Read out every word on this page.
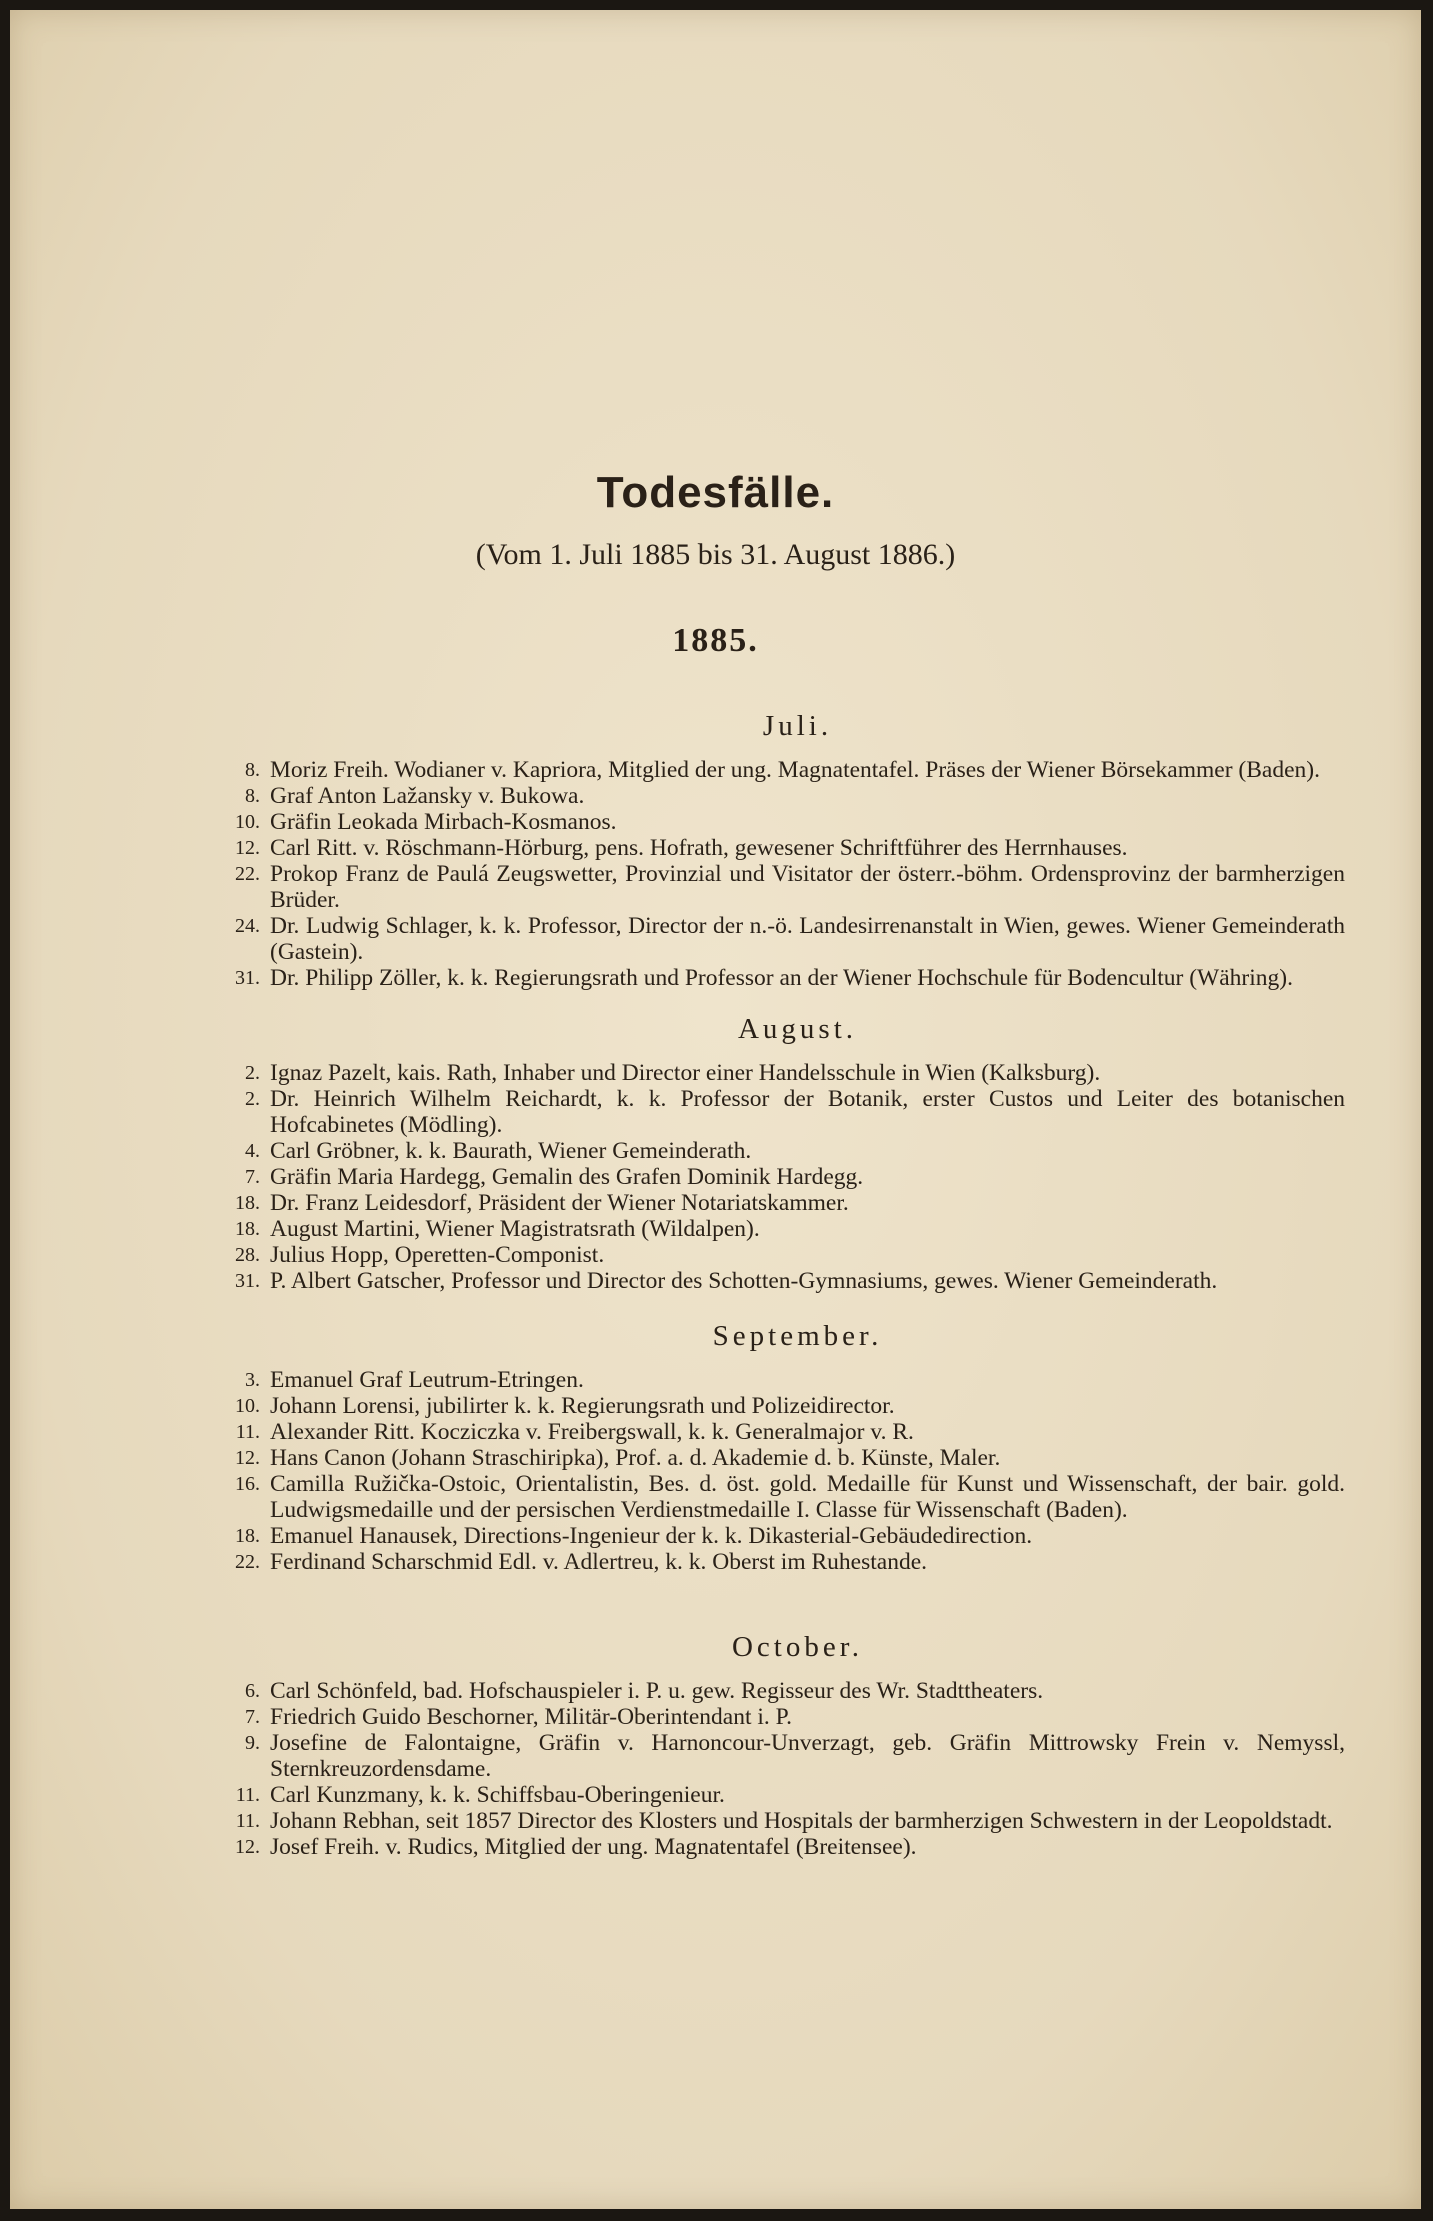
Todesfälle.
(Vom 1. Juli 1885 bis 31. August 1886.)
1885.
Juli.
8. Moriz Freih. Wodianer v. Kapriora, Mitglied der ung. Magnatentafel. Präses der Wiener Börsekammer (Baden).
8. Graf Anton Lažansky v. Bukowa.
10. Gräfin Leokada Mirbach-Kosmanos.
12. Carl Ritt. v. Röschmann-Hörburg, pens. Hofrath, gewesener Schriftführer des Herrnhauses.
22. Prokop Franz de Paulá Zeugswetter, Provinzial und Visitator der österr.-böhm. Ordensprovinz der barmherzigen Brüder.
24. Dr. Ludwig Schlager, k. k. Professor, Director der n.-ö. Landesirrenanstalt in Wien, gewes. Wiener Gemeinderath (Gastein).
31. Dr. Philipp Zöller, k. k. Regierungsrath und Professor an der Wiener Hochschule für Bodencultur (Währing).
August.
2. Ignaz Pazelt, kais. Rath, Inhaber und Director einer Handelsschule in Wien (Kalksburg).
2. Dr. Heinrich Wilhelm Reichardt, k. k. Professor der Botanik, erster Custos und Leiter des botanischen Hofcabinetes (Mödling).
4. Carl Gröbner, k. k. Baurath, Wiener Gemeinderath.
7. Gräfin Maria Hardegg, Gemalin des Grafen Dominik Hardegg.
18. Dr. Franz Leidesdorf, Präsident der Wiener Notariatskammer.
18. August Martini, Wiener Magistratsrath (Wildalpen).
28. Julius Hopp, Operetten-Componist.
31. P. Albert Gatscher, Professor und Director des Schotten-Gymnasiums, gewes. Wiener Gemeinderath.
September.
3. Emanuel Graf Leutrum-Etringen.
10. Johann Lorensi, jubilirter k. k. Regierungsrath und Polizeidirector.
11. Alexander Ritt. Kocziczka v. Freibergswall, k. k. Generalmajor v. R.
12. Hans Canon (Johann Straschiripka), Prof. a. d. Akademie d. b. Künste, Maler.
16. Camilla Ružička-Ostoic, Orientalistin, Bes. d. öst. gold. Medaille für Kunst und Wissenschaft, der bair. gold. Ludwigsmedaille und der persischen Verdienstmedaille I. Classe für Wissenschaft (Baden).
18. Emanuel Hanausek, Directions-Ingenieur der k. k. Dikasterial-Gebäudedirection.
22. Ferdinand Scharschmid Edl. v. Adlertreu, k. k. Oberst im Ruhestande.
October.
6. Carl Schönfeld, bad. Hofschauspieler i. P. u. gew. Regisseur des Wr. Stadttheaters.
7. Friedrich Guido Beschorner, Militär-Oberintendant i. P.
9. Josefine de Falontaigne, Gräfin v. Harnoncour-Unverzagt, geb. Gräfin Mittrowsky Frein v. Nemyssl, Sternkreuzordensdame.
11. Carl Kunzmany, k. k. Schiffsbau-Oberingenieur.
11. Johann Rebhan, seit 1857 Director des Klosters und Hospitals der barmherzigen Schwestern in der Leopoldstadt.
12. Josef Freih. v. Rudics, Mitglied der ung. Magnatentafel (Breitensee).
